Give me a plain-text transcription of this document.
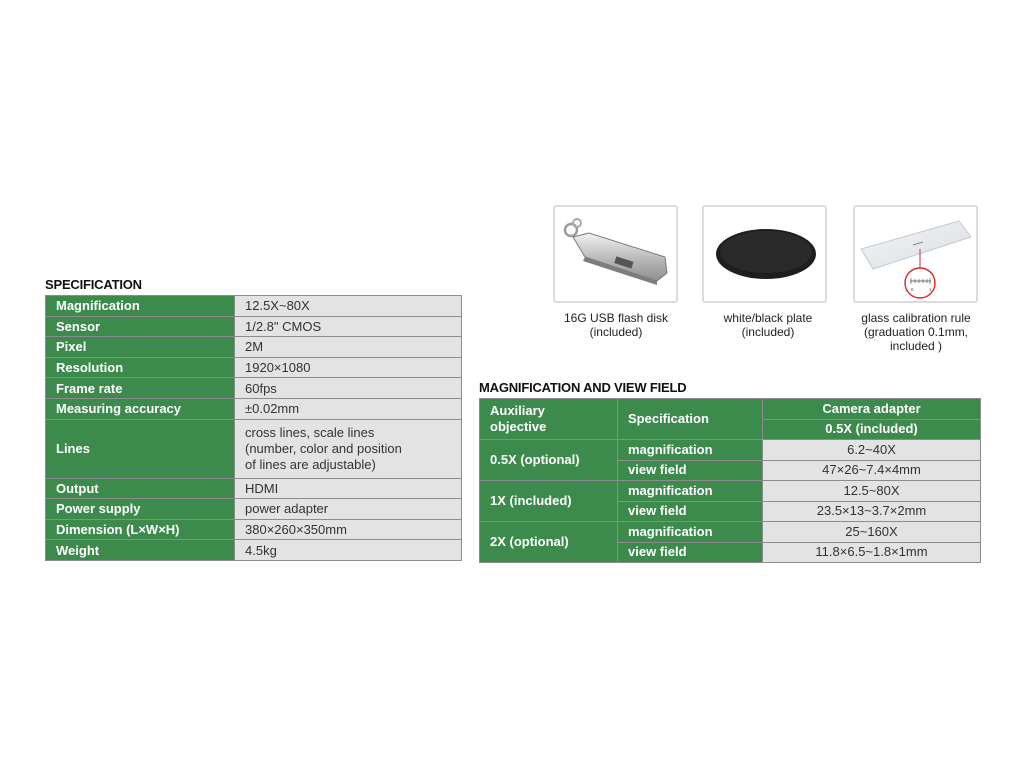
SPECIFICATION
Magnification	12.5X~80X
Sensor	1/2.8" CMOS
Pixel	2M
Resolution	1920×1080
Frame rate	60fps
Measuring accuracy	±0.02mm
Lines	cross lines, scale lines
(number, color and position
of lines are adjustable)

Output	HDMI
Power supply	power adapter
Dimension (L×W×H)	380×260×350mm
Weight	4.5kg
16G USB flash disk
(included)
white/black plate
(included)
0	1
glass calibration rule
(graduation 0.1mm,
included )
MAGNIFICATION AND VIEW FIELD
Auxiliary
objective	Specification	Camera adapter
		0.5X (included)
0.5X (optional)	magnification	6.2~40X
	view field	47×26~7.4×4mm
1X (included)	magnification	12.5~80X
	view field	23.5×13~3.7×2mm
2X (optional)	magnification	25~160X
	view field	11.8×6.5~1.8×1mm
